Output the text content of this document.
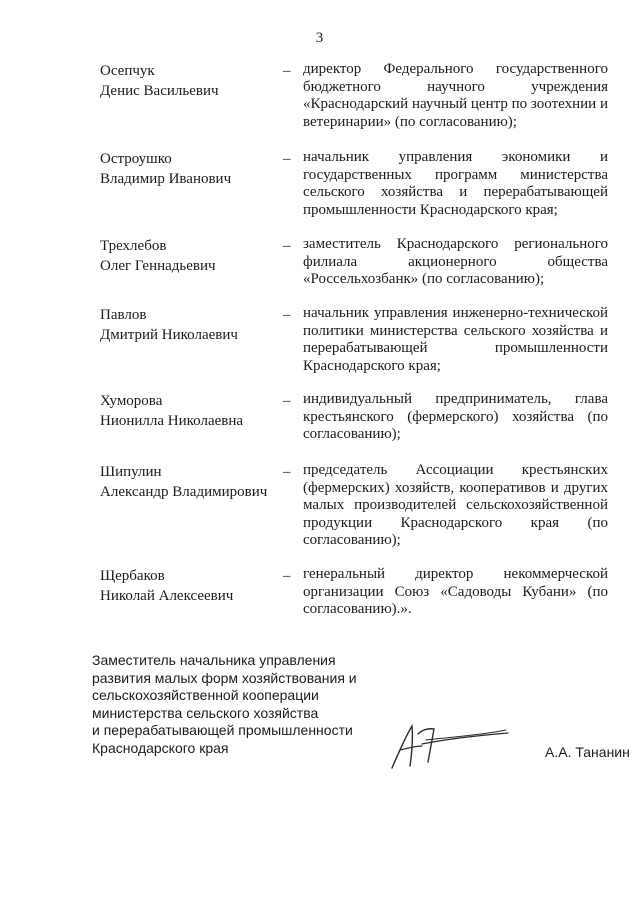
3
Осепчук
Денис Васильевич
– директор Федерального государственного бюджетного научного учреждения «Краснодарский научный центр по зоотехнии и ветеринарии» (по согласованию);
Остроушко
Владимир Иванович
– начальник управления экономики и государственных программ министерства сельского хозяйства и перерабатывающей промышленности Краснодарского края;
Трехлебов
Олег Геннадьевич
– заместитель Краснодарского регионального филиала акционерного общества «Россельхозбанк» (по согласованию);
Павлов
Дмитрий Николаевич
– начальник управления инженерно-технической политики министерства сельского хозяйства и перерабатывающей промышленности Краснодарского края;
Хуморова
Нионилла Николаевна
– индивидуальный предприниматель, глава крестьянского (фермерского) хозяйства (по согласованию);
Шипулин
Александр Владимирович
– председатель Ассоциации крестьянских (фермерских) хозяйств, кооперативов и других малых производителей сельскохозяйственной продукции Краснодарского края (по согласованию);
Щербаков
Николай Алексеевич
– генеральный директор некоммерческой организации Союз «Садоводы Кубани» (по согласованию).».
Заместитель начальника управления
развития малых форм хозяйствования и
сельскохозяйственной кооперации
министерства сельского хозяйства
и перерабатывающей промышленности
Краснодарского края	А.А. Тананин
